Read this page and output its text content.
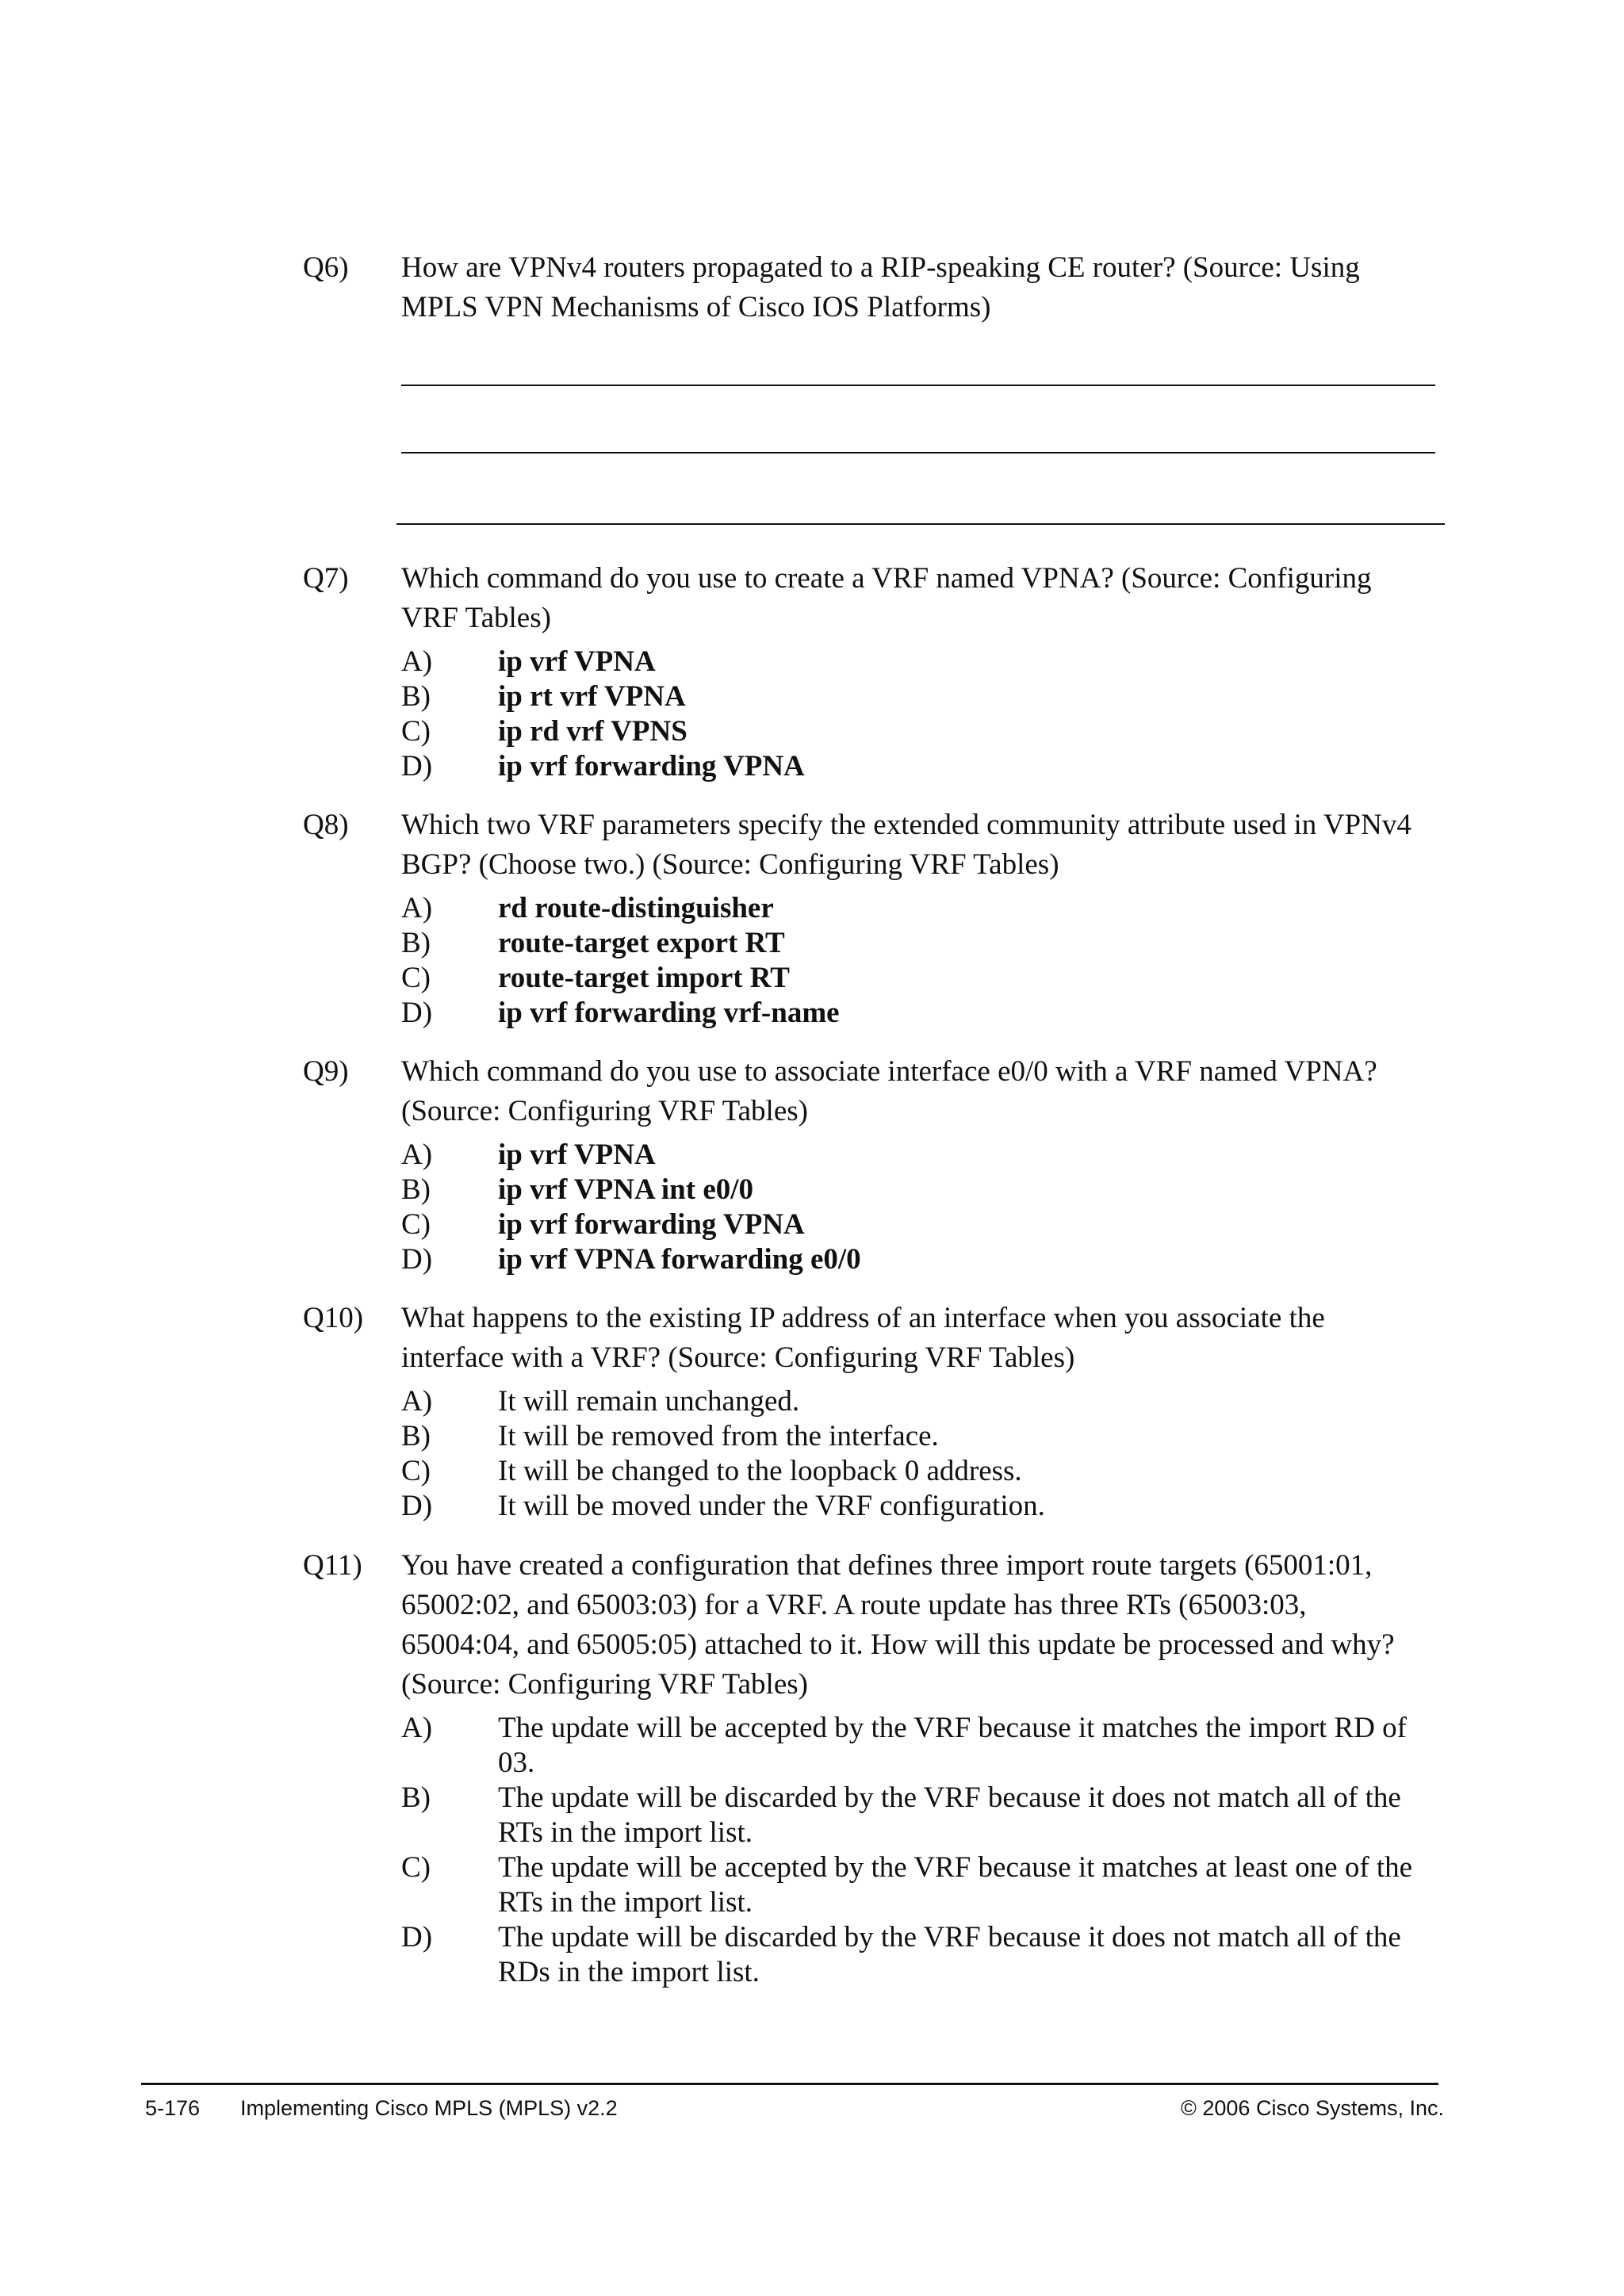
Q6) How are VPNv4 routers propagated to a RIP-speaking CE router? (Source: Using MPLS VPN Mechanisms of Cisco IOS Platforms)
Q7) Which command do you use to create a VRF named VPNA? (Source: Configuring VRF Tables)
A)	ip vrf VPNA
B)	ip rt vrf VPNA
C)	ip rd vrf VPNS
D)	ip vrf forwarding VPNA
Q8) Which two VRF parameters specify the extended community attribute used in VPNv4 BGP? (Choose two.) (Source: Configuring VRF Tables)
A)	rd route-distinguisher
B)	route-target export RT
C)	route-target import RT
D)	ip vrf forwarding vrf-name
Q9) Which command do you use to associate interface e0/0 with a VRF named VPNA? (Source: Configuring VRF Tables)
A)	ip vrf VPNA
B)	ip vrf VPNA int e0/0
C)	ip vrf forwarding VPNA
D)	ip vrf VPNA forwarding e0/0
Q10) What happens to the existing IP address of an interface when you associate the interface with a VRF? (Source: Configuring VRF Tables)
A)	It will remain unchanged.
B)	It will be removed from the interface.
C)	It will be changed to the loopback 0 address.
D)	It will be moved under the VRF configuration.
Q11) You have created a configuration that defines three import route targets (65001:01, 65002:02, and 65003:03) for a VRF. A route update has three RTs (65003:03, 65004:04, and 65005:05) attached to it. How will this update be processed and why? (Source: Configuring VRF Tables)
A)	The update will be accepted by the VRF because it matches the import RD of 03.
B)	The update will be discarded by the VRF because it does not match all of the RTs in the import list.
C)	The update will be accepted by the VRF because it matches at least one of the RTs in the import list.
D)	The update will be discarded by the VRF because it does not match all of the RDs in the import list.
5-176 Implementing Cisco MPLS (MPLS) v2.2	© 2006 Cisco Systems, Inc.
